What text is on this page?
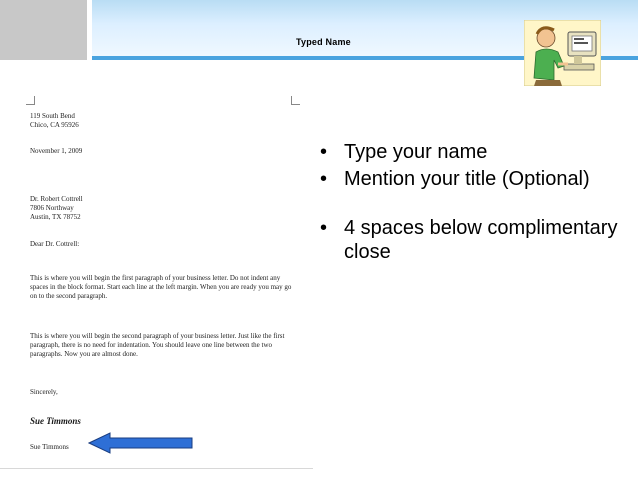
Typed Name
119 South Bend
Chico, CA 95926
November 1, 2009
Dr. Robert Cottrell
7806 Northway
Austin, TX 78752
Dear Dr. Cottrell:
This is where you will begin the first paragraph of your business letter. Do not indent any spaces in the block format. Start each line at the left margin. When you are ready you may go on to the second paragraph.
This is where you will begin the second paragraph of your business letter. Just like the first paragraph, there is no need for indentation. You should leave one line between the two paragraphs. Now you are almost done.
Sincerely,
Sue Timmons
Sue Timmons
• Type your name
• Mention your title (Optional)
• 4 spaces below complimentary close
